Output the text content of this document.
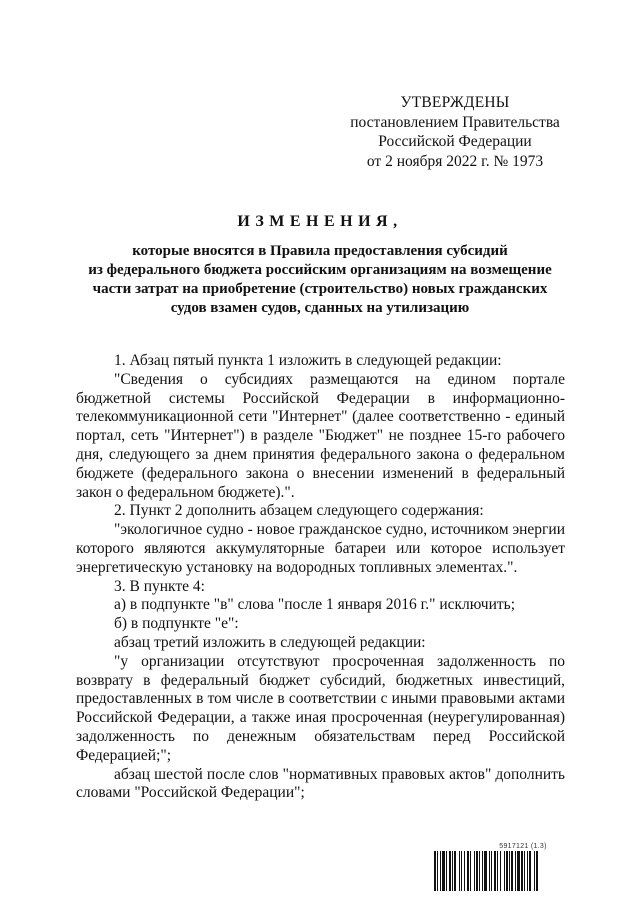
УТВЕРЖДЕНЫ
постановлением Правительства
Российской Федерации
от 2 ноября 2022 г. № 1973
ИЗМЕНЕНИЯ,
которые вносятся в Правила предоставления субсидий
из федерального бюджета российским организациям на возмещение
части затрат на приобретение (строительство) новых гражданских
судов взамен судов, сданных на утилизацию

1. Абзац пятый пункта 1 изложить в следующей редакции:

"Сведения о субсидиях размещаются на едином портале бюджетной системы Российской Федерации в информационно-телекоммуникационной сети "Интернет" (далее соответственно - единый портал, сеть "Интернет") в разделе "Бюджет" не позднее 15-го рабочего дня, следующего за днем принятия федерального закона о федеральном бюджете (федерального закона о внесении изменений в федеральный закон о федеральном бюджете).".

2. Пункт 2 дополнить абзацем следующего содержания:

"экологичное судно - новое гражданское судно, источником энергии которого являются аккумуляторные батареи или которое использует энергетическую установку на водородных топливных элементах.".

3. В пункте 4:

а) в подпункте "в" слова "после 1 января 2016 г." исключить;

б) в подпункте "е":

абзац третий изложить в следующей редакции:

"у организации отсутствуют просроченная задолженность по возврату в федеральный бюджет субсидий, бюджетных инвестиций, предоставленных в том числе в соответствии с иными правовыми актами Российской Федерации, а также иная просроченная (неурегулированная) задолженность по денежным обязательствам перед Российской Федерацией;";

абзац шестой после слов "нормативных правовых актов" дополнить словами "Российской Федерации";

5917121 (1.3)
